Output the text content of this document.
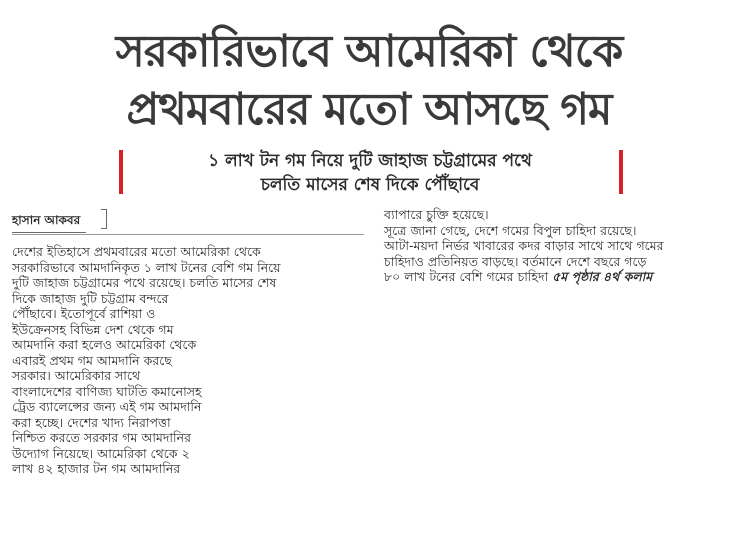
সরকারিভাবে আমেরিকা থেকে
প্রথমবারের মতো আসছে গম
১ লাখ টন গম নিয়ে দুটি জাহাজ চট্টগ্রামের পথে
চলতি মাসের শেষ দিকে পৌঁছাবে
হাসান আকবর
দেশের ইতিহাসে প্রথমবারের মতো আমেরিকা থেকে
সরকারিভাবে আমদানিকৃত ১ লাখ টনের বেশি গম নিয়ে
দুটি জাহাজ চট্টগ্রামের পথে রয়েছে। চলতি মাসের শেষ
দিকে জাহাজ দুটি চট্টগ্রাম বন্দরে
পৌঁছাবে। ইতোপূর্বে রাশিয়া ও
ইউক্রেনসহ বিভিন্ন দেশ থেকে গম
আমদানি করা হলেও আমেরিকা থেকে
এবারই প্রথম গম আমদানি করছে
সরকার। আমেরিকার সাথে
বাংলাদেশের বাণিজ্য ঘাটতি কমানোসহ
ট্রেড ব্যালেন্সের জন্য এই গম আমদানি
করা হচ্ছে। দেশের খাদ্য নিরাপত্তা
নিশ্চিত করতে সরকার গম আমদানির
উদ্যোগ নিয়েছে। আমেরিকা থেকে ২
লাখ ৪২ হাজার টন গম আমদানির
ব্যাপারে চুক্তি হয়েছে।
সূত্রে জানা গেছে, দেশে গমের বিপুল চাহিদা রয়েছে।
আটা-ময়দা নির্ভর খাবারের কদর বাড়ার সাথে সাথে গমের
চাহিদাও প্রতিনিয়ত বাড়ছে। বর্তমানে দেশে বছরে গড়ে
৮০ লাখ টনের বেশি গমের চাহিদা ৫ম পৃষ্ঠার ৪র্থ কলাম
